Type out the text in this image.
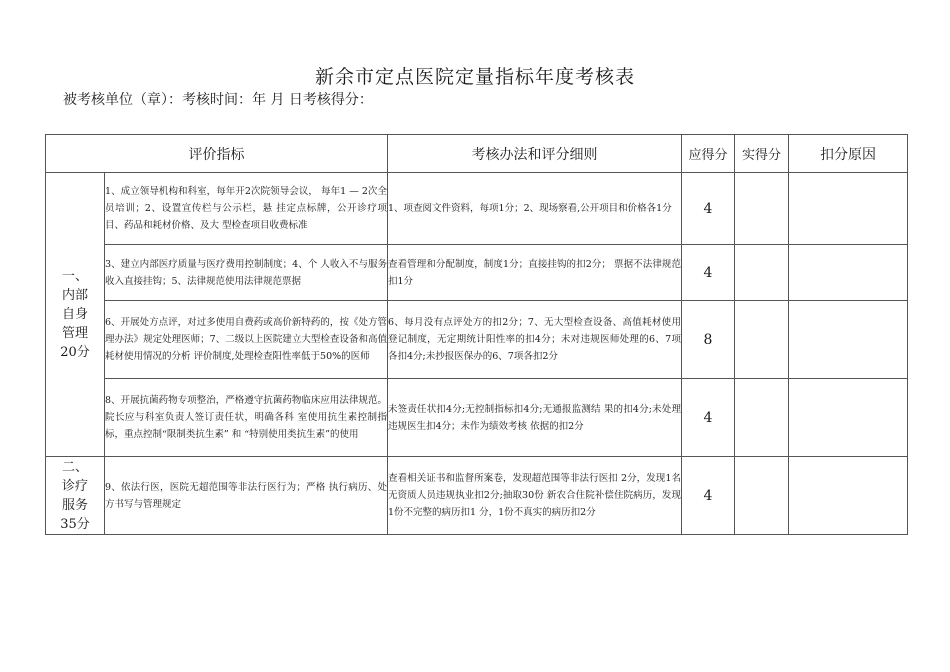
新余市定点医院定量指标年度考核表
被考核单位（章）：考核时间：年 月 日考核得分：
评价指标		考核办法和评分细则	应得分	实得分	扣分原因
一、
内部
自身
管理
20分	1、成立领导机构和科室，每年开2次院领导会议， 每年1 — 2次全员培训；2、设置宣传栏与公示栏，悬 挂定点标牌，公开诊疗项目、药品和耗材价格、及大 型检查项目收费标准	1、项查阅文件资料，每项1分；2、现场察看,公开项目和价格各1分	4		
	3、建立内部医疗质量与医疗费用控制制度；4、个 人收入不与服务收入直接挂钩；5、法律规范使用法律规范票据	查看管理和分配制度，制度1分；直接挂钩的扣2分； 票据不法律规范扣1分	4		
	6、开展处方点评，对过多使用自费药或高价新特药的，按《处方管理办法》规定处理医师；7、二级以上医院建立大型检查设备和高值耗材使用情况的分析 评价制度,处理检查阳性率低于50%的医师	6、每月没有点评处方的扣2分；7、无大型检查设备、高值耗材使用登记制度，无定期统计阳性率的扣4分；未对违规医师处理的6、7项各扣4分;未抄报医保办的6、7项各扣2分	8		
	8、开展抗菌药物专项整治，严格遵守抗菌药物临床应用法律规范。院长应与科室负责人签订责任状，明确各科 室使用抗生素控制指标，重点控制“限制类抗生素” 和 “特别使用类抗生素”的使用	未签责任状扣4分;无控制指标扣4分;无通报监测结 果的扣4分;未处理违规医生扣4分；未作为绩效考核 依据的扣2分	4		
二、
诊疗
服务
35分	9、依法行医，医院无超范围等非法行医行为；严格 执行病历、处方书写与管理规定	查看相关证书和监督所案卷，发现超范围等非法行医扣 2分，发现1名无资质人员违规执业扣2分;抽取30份 新农合住院补偿住院病历，发现1份不完整的病历扣1 分，1份不真实的病历扣2分	4		
